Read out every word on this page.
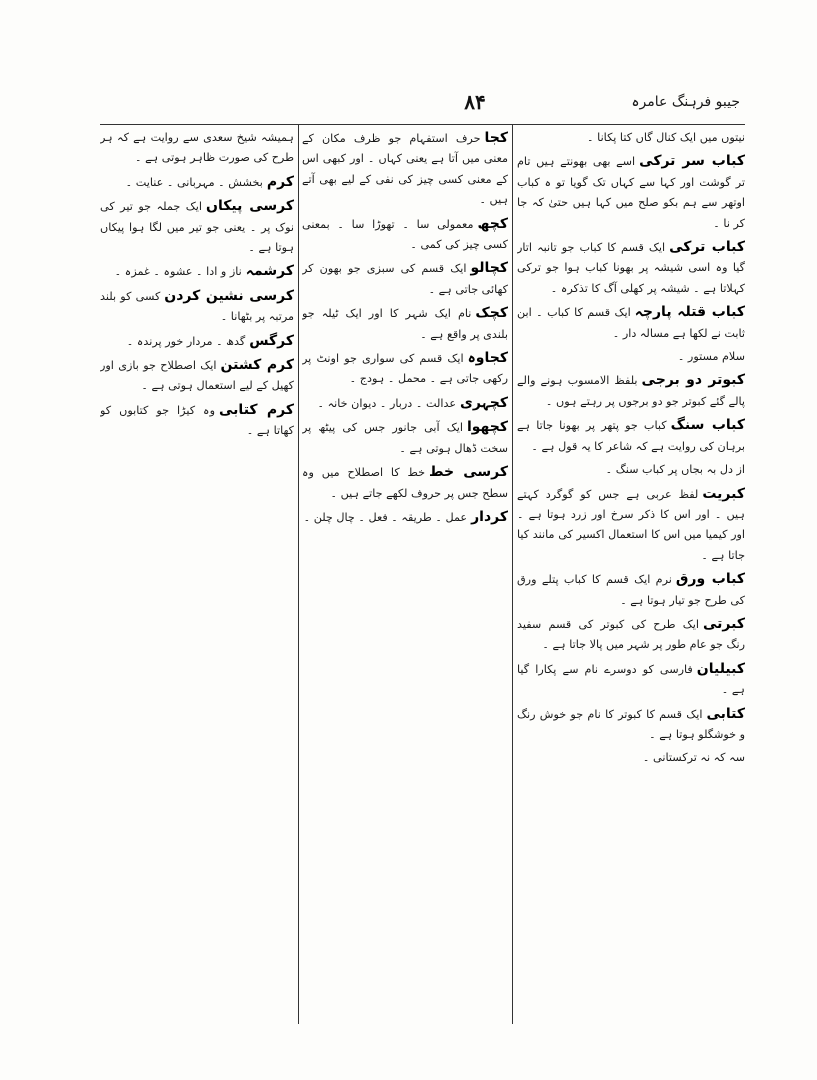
۸۴	جیبو فرہنگ عامرہ
نیتوں میں ایک کنال گاں کتا پکانا ۔
کباب سر ترکیاسے بھی بھونتے ہیں تام تر گوشت اور کہا سے کہاں تک گویا تو ہ کباب اوتھر سے ہم بکو صلح میں کہا ہیں حتیٰ کہ جا کر نا ۔
کباب ترکیایک قسم کا کباب جو تانبہ اتار گیا وہ اسی شیشہ پر بھونا کباب ہوا جو ترکی کہلاتا ہے ۔ شیشہ پر کھلی آگ کا تذکرہ ۔
کباب قتلہ پارچہایک قسم کا کباب ۔ ابن ثابت نے لکھا ہے مسالہ دار ۔
سلام مستور ۔
کبوتر دو برجیبلفظ الامسوب ہونے والے پالے گئے کبوتر جو دو برجوں پر رہتے ہوں ۔
کباب سنگکباب جو پتھر پر بھونا جاتا ہے برہان کی روایت ہے کہ شاعر کا یہ قول ہے ۔
از دل بہ بجاں پر کباب سنگ ۔
کبریتلفظ عربی ہے جس کو گوگرد کہتے ہیں ۔ اور اس کا ذکر سرخ اور زرد ہوتا ہے ۔ اور کیمیا میں اس کا استعمال اکسیر کی مانند کیا جاتا ہے ۔
کباب ورقنرم ایک قسم کا کباب پتلے ورق کی طرح جو تیار ہوتا ہے ۔
کبرتیایک طرح کی کبوتر کی قسم سفید رنگ جو عام طور پر شہر میں پالا جاتا ہے ۔
کبیلیانفارسی کو دوسرے نام سے پکارا گیا ہے ۔
کتابیایک قسم کا کبوتر کا نام جو خوش رنگ و خوشگلو ہوتا ہے ۔
سہ کہ نہ ترکستانی ۔
کجاحرف استفہام جو ظرف مکان کے معنی میں آتا ہے یعنی کہاں ۔ اور کبھی اس کے معنی کسی چیز کی نفی کے لیے بھی آتے ہیں ۔
کچھمعمولی سا ۔ تھوڑا سا ۔ بمعنی کسی چیز کی کمی ۔
کچالوایک قسم کی سبزی جو بھون کر کھائی جاتی ہے ۔
کچکنام ایک شہر کا اور ایک ٹیلہ جو بلندی پر واقع ہے ۔
کجاوہایک قسم کی سواری جو اونٹ پر رکھی جاتی ہے ۔ محمل ۔ ہودج ۔
کچہریعدالت ۔ دربار ۔ دیوان خانہ ۔
کچھواایک آبی جانور جس کی پیٹھ پر سخت ڈھال ہوتی ہے ۔
کرسی خطخط کا اصطلاح میں وہ سطح جس پر حروف لکھے جاتے ہیں ۔
کردارعمل ۔ طریقہ ۔ فعل ۔ چال چلن ۔
ہمیشہ شیخ سعدی سے روایت ہے کہ ہر طرح کی صورت ظاہر ہوتی ہے ۔
کرمبخشش ۔ مہربانی ۔ عنایت ۔
کرسی پیکاںایک جملہ جو تیر کی نوک پر ۔ یعنی جو تیر میں لگا ہوا پیکاں ہوتا ہے ۔
کرشمہناز و ادا ۔ عشوہ ۔ غمزہ ۔
کرسی نشین کردنکسی کو بلند مرتبہ پر بٹھانا ۔
کرگسگدھ ۔ مردار خور پرندہ ۔
کرم کشتنایک اصطلاح جو بازی اور کھیل کے لیے استعمال ہوتی ہے ۔
کرم کتابیوہ کیڑا جو کتابوں کو کھاتا ہے ۔
